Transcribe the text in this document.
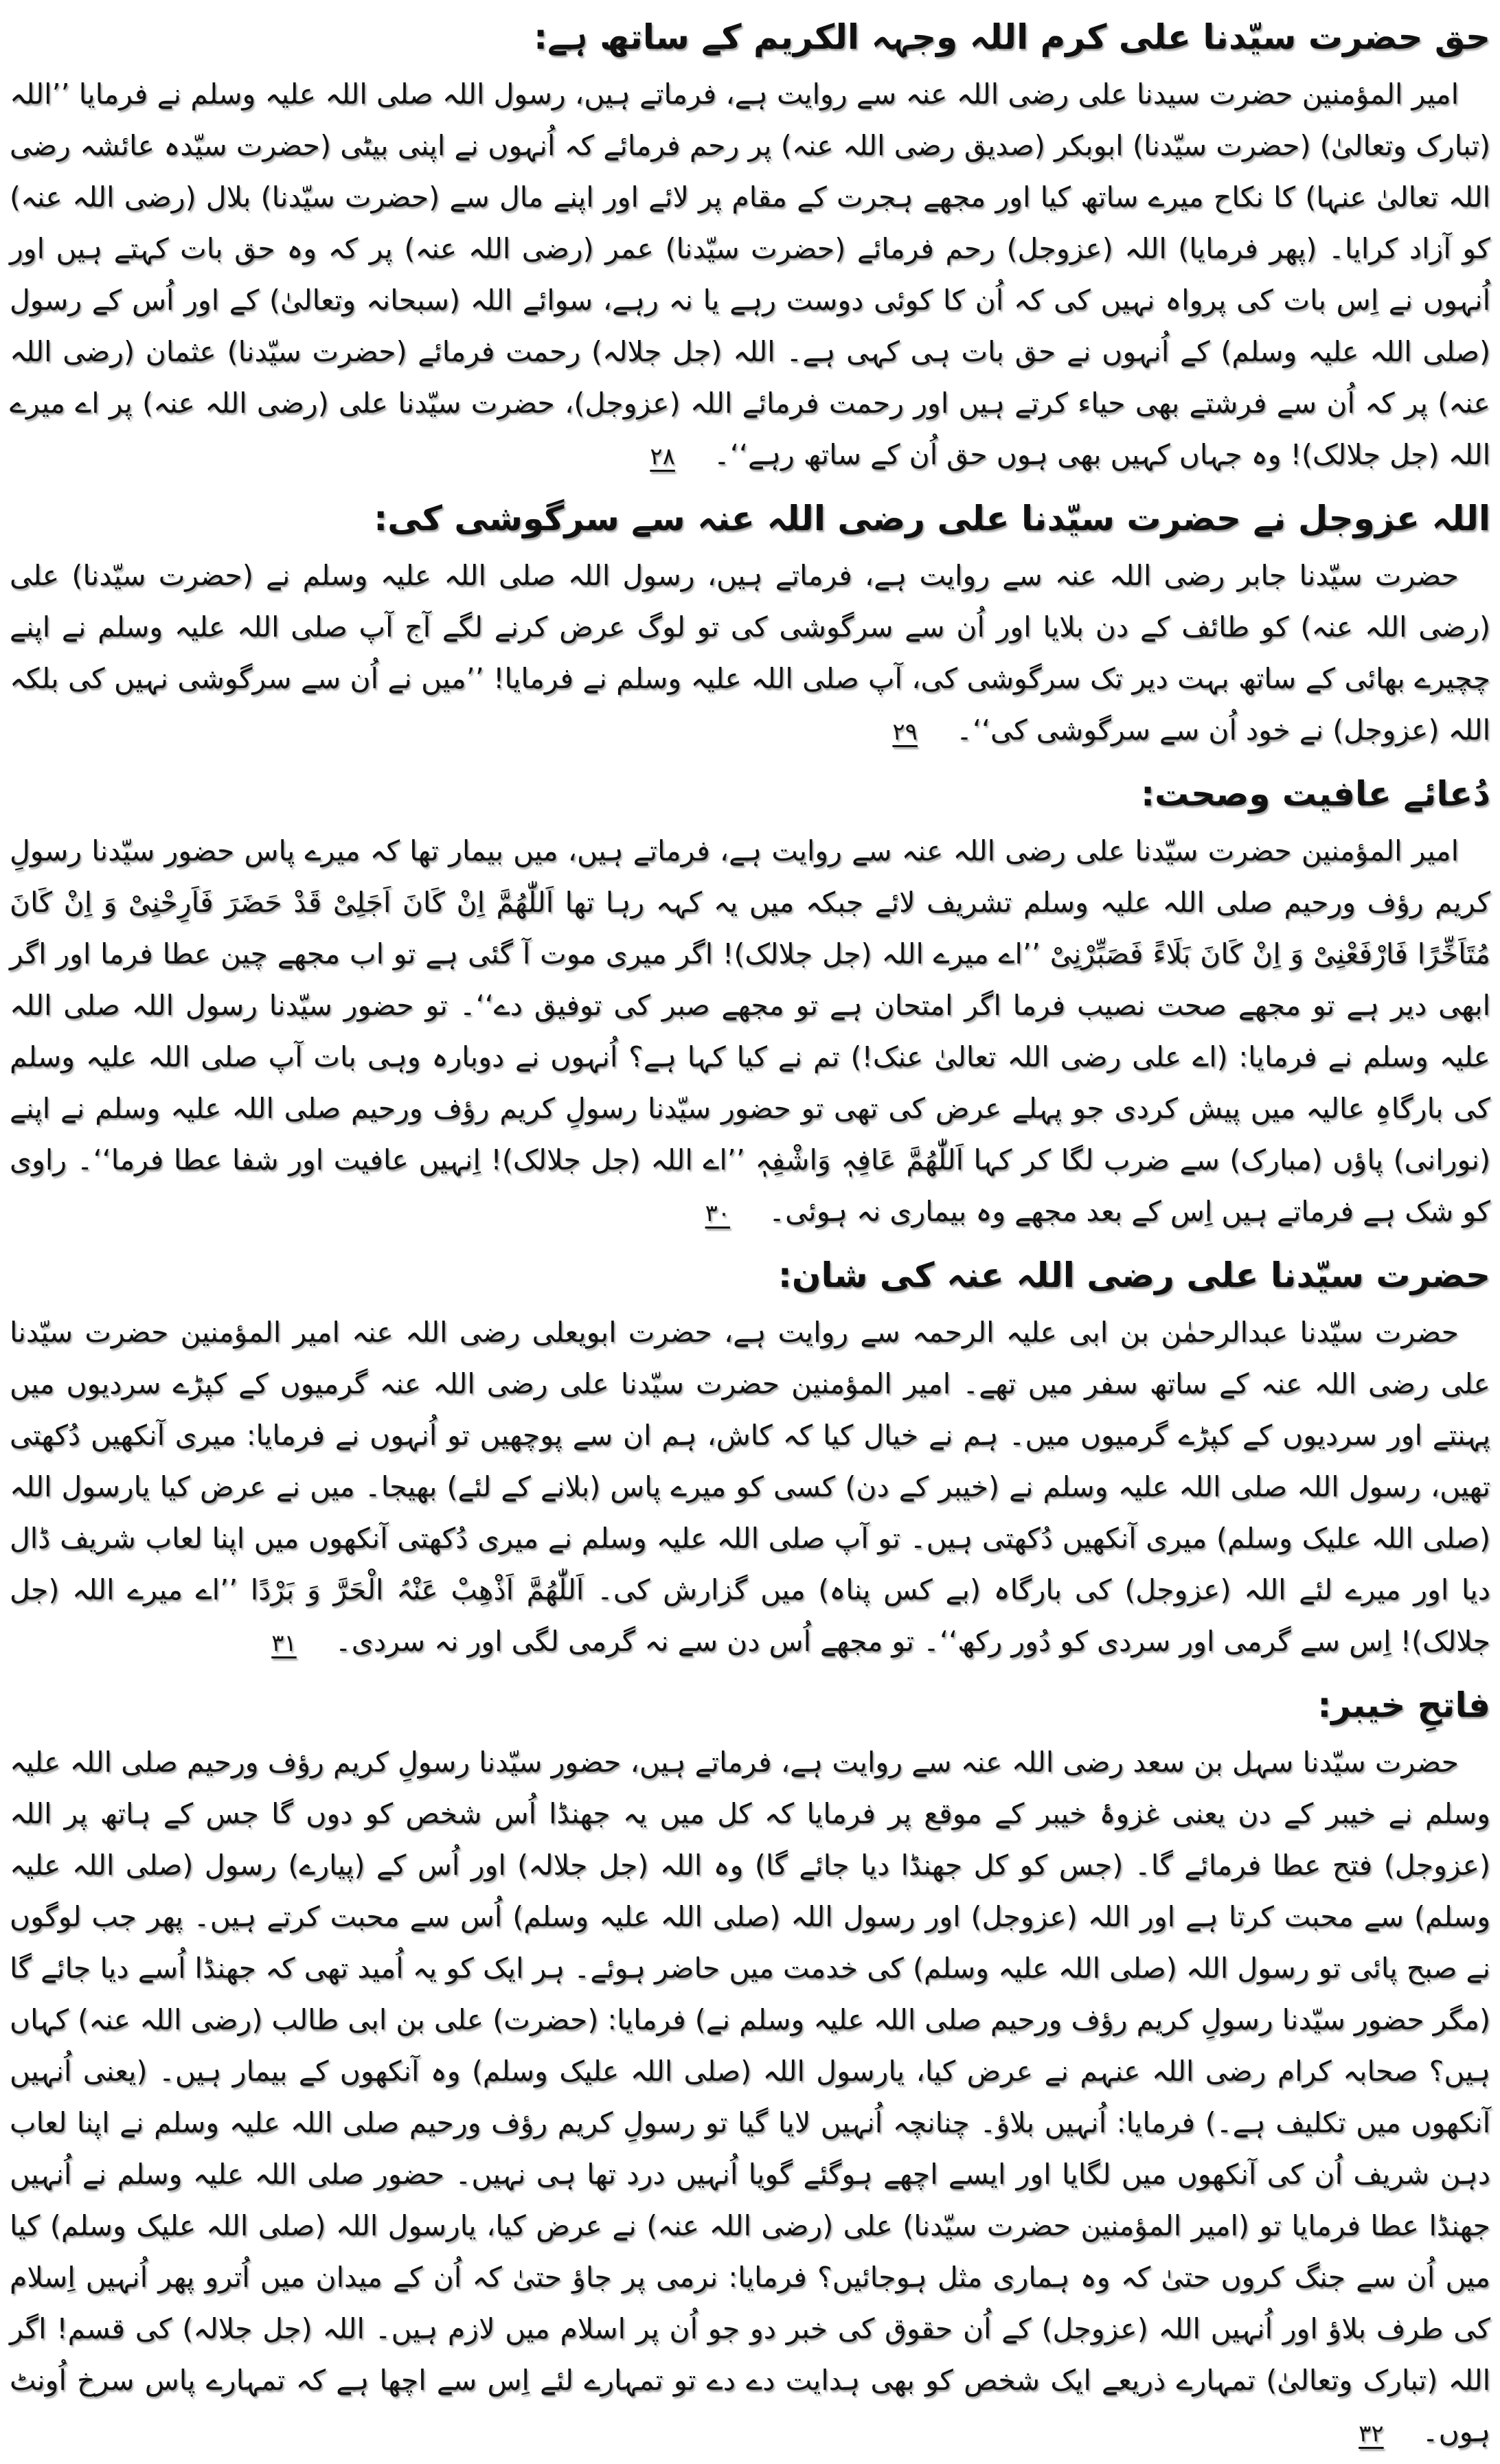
حق حضرت سیّدنا علی کرم اللہ وجہہ الکریم کے ساتھ ہے:

امیر المؤمنین حضرت سیدنا علی رضی اللہ عنہ سے روایت ہے، فرماتے ہیں، رسول اللہ صلی اللہ علیہ وسلم نے فرمایا ’’اللہ (تبارک وتعالیٰ) (حضرت سیّدنا) ابوبکر (صدیق رضی اللہ عنہ) پر رحم فرمائے کہ اُنہوں نے اپنی بیٹی (حضرت سیّدہ عائشہ رضی اللہ تعالیٰ عنہا) کا نکاح میرے ساتھ کیا اور مجھے ہجرت کے مقام پر لائے اور اپنے مال سے (حضرت سیّدنا) بلال (رضی اللہ عنہ) کو آزاد کرایا۔ (پھر فرمایا) اللہ (عزوجل) رحم فرمائے (حضرت سیّدنا) عمر (رضی اللہ عنہ) پر کہ وہ حق بات کہتے ہیں اور اُنہوں نے اِس بات کی پرواہ نہیں کی کہ اُن کا کوئی دوست رہے یا نہ رہے، سوائے اللہ (سبحانہ وتعالیٰ) کے اور اُس کے رسول (صلی اللہ علیہ وسلم) کے اُنہوں نے حق بات ہی کہی ہے۔ اللہ (جل جلالہ) رحمت فرمائے (حضرت سیّدنا) عثمان (رضی اللہ عنہ) پر کہ اُن سے فرشتے بھی حیاء کرتے ہیں اور رحمت فرمائے اللہ (عزوجل)، حضرت سیّدنا علی (رضی اللہ عنہ) پر اے میرے اللہ (جل جلالک)! وہ جہاں کہیں بھی ہوں حق اُن کے ساتھ رہے‘‘۔۲۸

اللہ عزوجل نے حضرت سیّدنا علی رضی اللہ عنہ سے سرگوشی کی:

حضرت سیّدنا جابر رضی اللہ عنہ سے روایت ہے، فرماتے ہیں، رسول اللہ صلی اللہ علیہ وسلم نے (حضرت سیّدنا) علی (رضی اللہ عنہ) کو طائف کے دن بلایا اور اُن سے سرگوشی کی تو لوگ عرض کرنے لگے آج آپ صلی اللہ علیہ وسلم نے اپنے چچیرے بھائی کے ساتھ بہت دیر تک سرگوشی کی، آپ صلی اللہ علیہ وسلم نے فرمایا! ’’میں نے اُن سے سرگوشی نہیں کی بلکہ اللہ (عزوجل) نے خود اُن سے سرگوشی کی‘‘۔۲۹

دُعائے عافیت وصحت:

امیر المؤمنین حضرت سیّدنا علی رضی اللہ عنہ سے روایت ہے، فرماتے ہیں، میں بیمار تھا کہ میرے پاس حضور سیّدنا رسولِ کریم رؤف ورحیم صلی اللہ علیہ وسلم تشریف لائے جبکہ میں یہ کہہ رہا تھا اَللّٰھُمَّ اِنْ کَانَ اَجَلِیْ قَدْ حَضَرَ فَاَرِحْنِیْ وَ اِنْ کَانَ مُتَاَخِّرًا فَارْفَعْنِیْ وَ اِنْ کَانَ بَلَاءً فَصَبِّرْنِیْ ’’اے میرے اللہ (جل جلالک)! اگر میری موت آ گئی ہے تو اب مجھے چین عطا فرما اور اگر ابھی دیر ہے تو مجھے صحت نصیب فرما اگر امتحان ہے تو مجھے صبر کی توفیق دے‘‘۔ تو حضور سیّدنا رسول اللہ صلی اللہ علیہ وسلم نے فرمایا: (اے علی رضی اللہ تعالیٰ عنک!) تم نے کیا کہا ہے؟ اُنہوں نے دوبارہ وہی بات آپ صلی اللہ علیہ وسلم کی بارگاہِ عالیہ میں پیش کردی جو پہلے عرض کی تھی تو حضور سیّدنا رسولِ کریم رؤف ورحیم صلی اللہ علیہ وسلم نے اپنے (نورانی) پاؤں (مبارک) سے ضرب لگا کر کہا اَللّٰھُمَّ عَافِہٖ وَاشْفِہٖ ’’اے اللہ (جل جلالک)! اِنہیں عافیت اور شفا عطا فرما‘‘۔ راوی کو شک ہے فرماتے ہیں اِس کے بعد مجھے وہ بیماری نہ ہوئی۔۳۰

حضرت سیّدنا علی رضی اللہ عنہ کی شان:

حضرت سیّدنا عبدالرحمٰن بن ابی علیہ الرحمہ سے روایت ہے، حضرت ابویعلی رضی اللہ عنہ امیر المؤمنین حضرت سیّدنا علی رضی اللہ عنہ کے ساتھ سفر میں تھے۔ امیر المؤمنین حضرت سیّدنا علی رضی اللہ عنہ گرمیوں کے کپڑے سردیوں میں پہنتے اور سردیوں کے کپڑے گرمیوں میں۔ ہم نے خیال کیا کہ کاش، ہم ان سے پوچھیں تو اُنہوں نے فرمایا: میری آنکھیں دُکھتی تھیں، رسول اللہ صلی اللہ علیہ وسلم نے (خیبر کے دن) کسی کو میرے پاس (بلانے کے لئے) بھیجا۔ میں نے عرض کیا یارسول اللہ (صلی اللہ علیک وسلم) میری آنکھیں دُکھتی ہیں۔ تو آپ صلی اللہ علیہ وسلم نے میری دُکھتی آنکھوں میں اپنا لعاب شریف ڈال دیا اور میرے لئے اللہ (عزوجل) کی بارگاہ (بے کس پناہ) میں گزارش کی۔ اَللّٰھُمَّ اَذْھِبْ عَنْہُ الْحَرَّ وَ بَرْدًا ’’اے میرے اللہ (جل جلالک)! اِس سے گرمی اور سردی کو دُور رکھ‘‘۔ تو مجھے اُس دن سے نہ گرمی لگی اور نہ سردی۔۳۱

فاتحِ خیبر:

حضرت سیّدنا سہل بن سعد رضی اللہ عنہ سے روایت ہے، فرماتے ہیں، حضور سیّدنا رسولِ کریم رؤف ورحیم صلی اللہ علیہ وسلم نے خیبر کے دن یعنی غزوۂ خیبر کے موقع پر فرمایا کہ کل میں یہ جھنڈا اُس شخص کو دوں گا جس کے ہاتھ پر اللہ (عزوجل) فتح عطا فرمائے گا۔ (جس کو کل جھنڈا دیا جائے گا) وہ اللہ (جل جلالہ) اور اُس کے (پیارے) رسول (صلی اللہ علیہ وسلم) سے محبت کرتا ہے اور اللہ (عزوجل) اور رسول اللہ (صلی اللہ علیہ وسلم) اُس سے محبت کرتے ہیں۔ پھر جب لوگوں نے صبح پائی تو رسول اللہ (صلی اللہ علیہ وسلم) کی خدمت میں حاضر ہوئے۔ ہر ایک کو یہ اُمید تھی کہ جھنڈا اُسے دیا جائے گا (مگر حضور سیّدنا رسولِ کریم رؤف ورحیم صلی اللہ علیہ وسلم نے) فرمایا: (حضرت) علی بن ابی طالب (رضی اللہ عنہ) کہاں ہیں؟ صحابہ کرام رضی اللہ عنہم نے عرض کیا، یارسول اللہ (صلی اللہ علیک وسلم) وہ آنکھوں کے بیمار ہیں۔ (یعنی اُنہیں آنکھوں میں تکلیف ہے۔) فرمایا: اُنہیں بلاؤ۔ چنانچہ اُنہیں لایا گیا تو رسولِ کریم رؤف ورحیم صلی اللہ علیہ وسلم نے اپنا لعاب دہن شریف اُن کی آنکھوں میں لگایا اور ایسے اچھے ہوگئے گویا اُنہیں درد تھا ہی نہیں۔ حضور صلی اللہ علیہ وسلم نے اُنہیں جھنڈا عطا فرمایا تو (امیر المؤمنین حضرت سیّدنا) علی (رضی اللہ عنہ) نے عرض کیا، یارسول اللہ (صلی اللہ علیک وسلم) کیا میں اُن سے جنگ کروں حتیٰ کہ وہ ہماری مثل ہوجائیں؟ فرمایا: نرمی پر جاؤ حتیٰ کہ اُن کے میدان میں اُترو پھر اُنہیں اِسلام کی طرف بلاؤ اور اُنہیں اللہ (عزوجل) کے اُن حقوق کی خبر دو جو اُن پر اسلام میں لازم ہیں۔ اللہ (جل جلالہ) کی قسم! اگر اللہ (تبارک وتعالیٰ) تمہارے ذریعے ایک شخص کو بھی ہدایت دے دے تو تمہارے لئے اِس سے اچھا ہے کہ تمہارے پاس سرخ اُونٹ ہوں۔۳۲
